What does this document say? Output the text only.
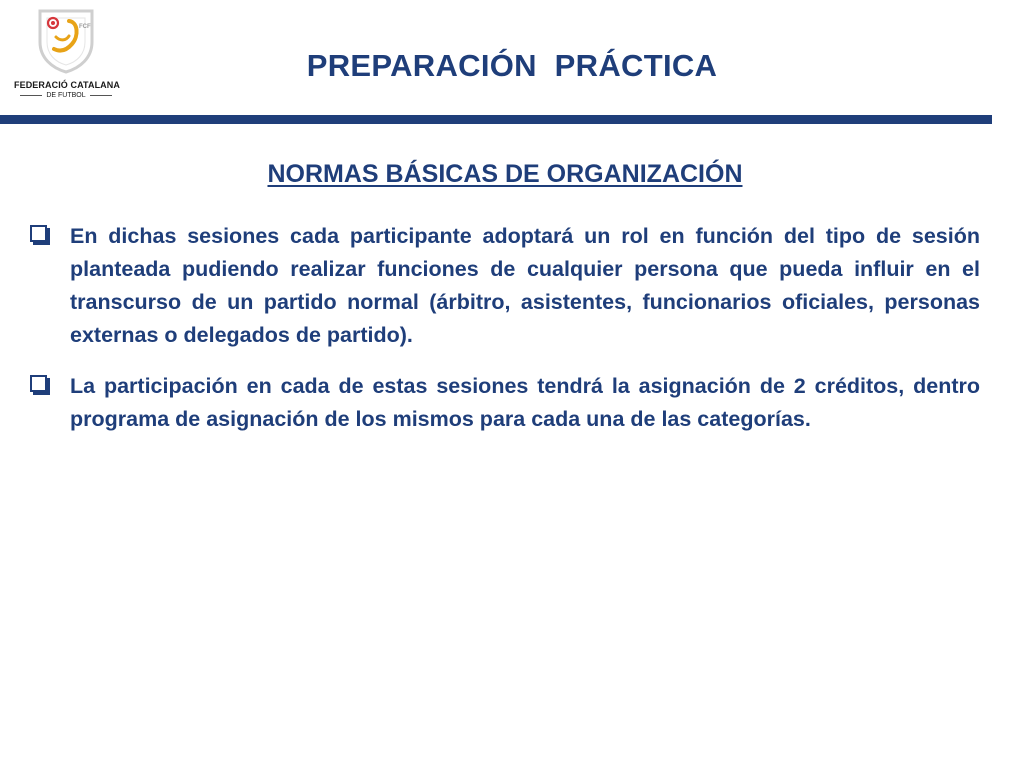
FCF
FEDERACIÓ CATALANA
DE FUTBOL
PREPARACIÓN  PRÁCTICA
NORMAS BÁSICAS DE ORGANIZACIÓN
En dichas sesiones cada participante adoptará un rol en función del tipo de sesión planteada pudiendo realizar funciones de cualquier persona que pueda influir en el transcurso de un partido normal (árbitro, asistentes, funcionarios oficiales, personas externas o delegados de partido).
La participación en cada de estas sesiones tendrá la asignación de 2 créditos, dentro programa de asignación de los mismos para cada una de las categorías.
